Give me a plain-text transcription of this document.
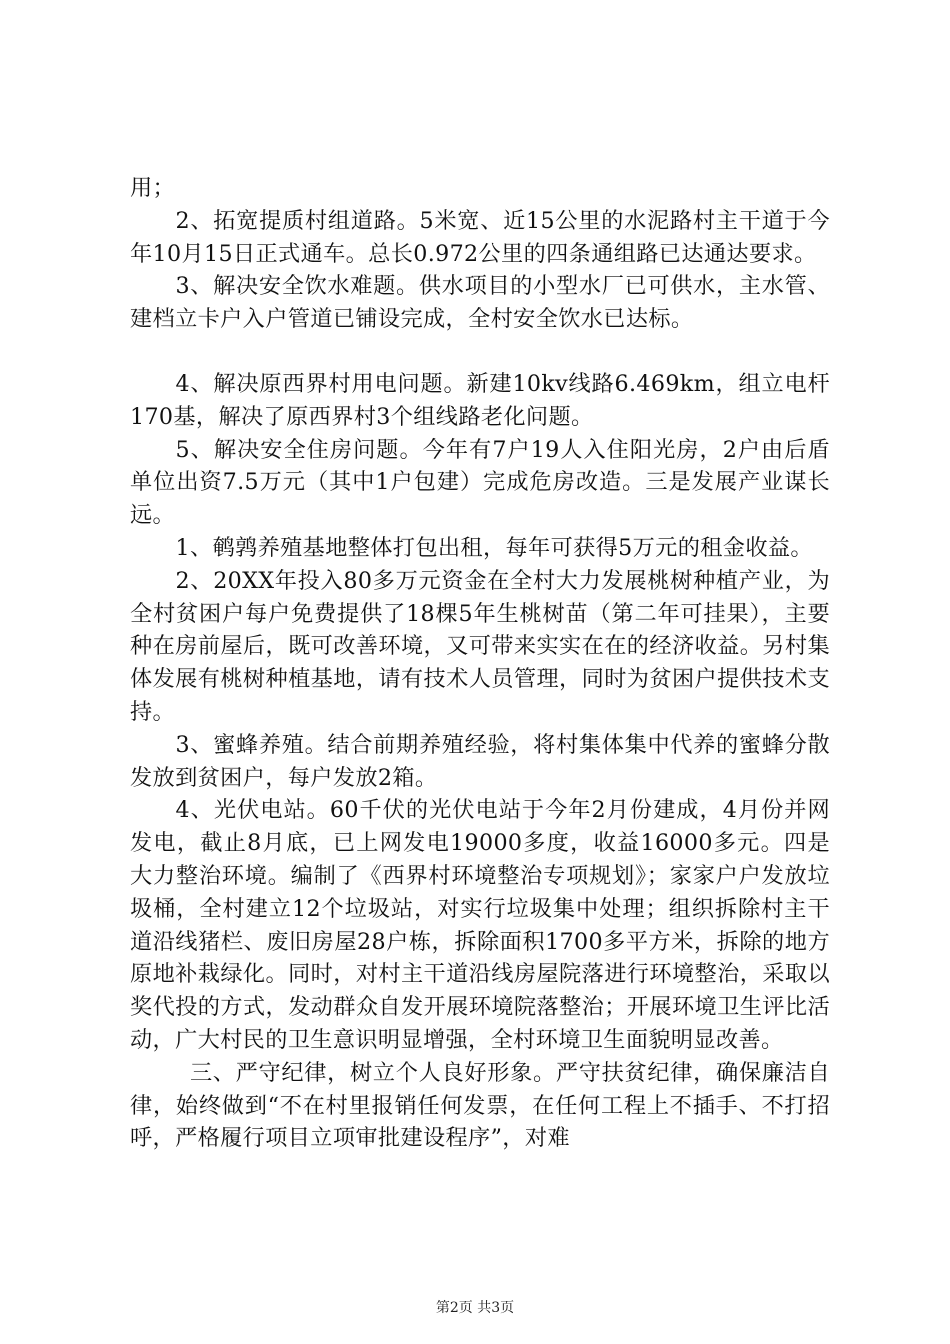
用；

2、拓宽提质村组道路。5米宽、近15公里的水泥路村主干道于今年10月15日正式通车。总长0.972公里的四条通组路已达通达要求。

3、解决安全饮水难题。供水项目的小型水厂已可供水，主水管、建档立卡户入户管道已铺设完成，全村安全饮水已达标。

4、解决原西界村用电问题。新建10kv线路6.469km，组立电杆170基，解决了原西界村3个组线路老化问题。

5、解决安全住房问题。今年有7户19人入住阳光房，2户由后盾单位出资7.5万元（其中1户包建）完成危房改造。三是发展产业谋长远。

1、鹌鹑养殖基地整体打包出租，每年可获得5万元的租金收益。

2、20XX年投入80多万元资金在全村大力发展桃树种植产业，为全村贫困户每户免费提供了18棵5年生桃树苗（第二年可挂果），主要种在房前屋后，既可改善环境，又可带来实实在在的经济收益。另村集体发展有桃树种植基地，请有技术人员管理，同时为贫困户提供技术支持。

3、蜜蜂养殖。结合前期养殖经验，将村集体集中代养的蜜蜂分散发放到贫困户，每户发放2箱。

4、光伏电站。60千伏的光伏电站于今年2月份建成，4月份并网发电，截止8月底，已上网发电19000多度，收益16000多元。四是大力整治环境。编制了《西界村环境整治专项规划》；家家户户发放垃圾桶，全村建立12个垃圾站，对实行垃圾集中处理；组织拆除村主干道沿线猪栏、废旧房屋28户栋，拆除面积1700多平方米，拆除的地方原地补栽绿化。同时，对村主干道沿线房屋院落进行环境整治，采取以奖代投的方式，发动群众自发开展环境院落整治；开展环境卫生评比活动，广大村民的卫生意识明显增强，全村环境卫生面貌明显改善。

三、严守纪律，树立个人良好形象。严守扶贫纪律，确保廉洁自律，始终做到“不在村里报销任何发票，在任何工程上不插手、不打招呼，严格履行项目立项审批建设程序”，对难

第2页 共3页
